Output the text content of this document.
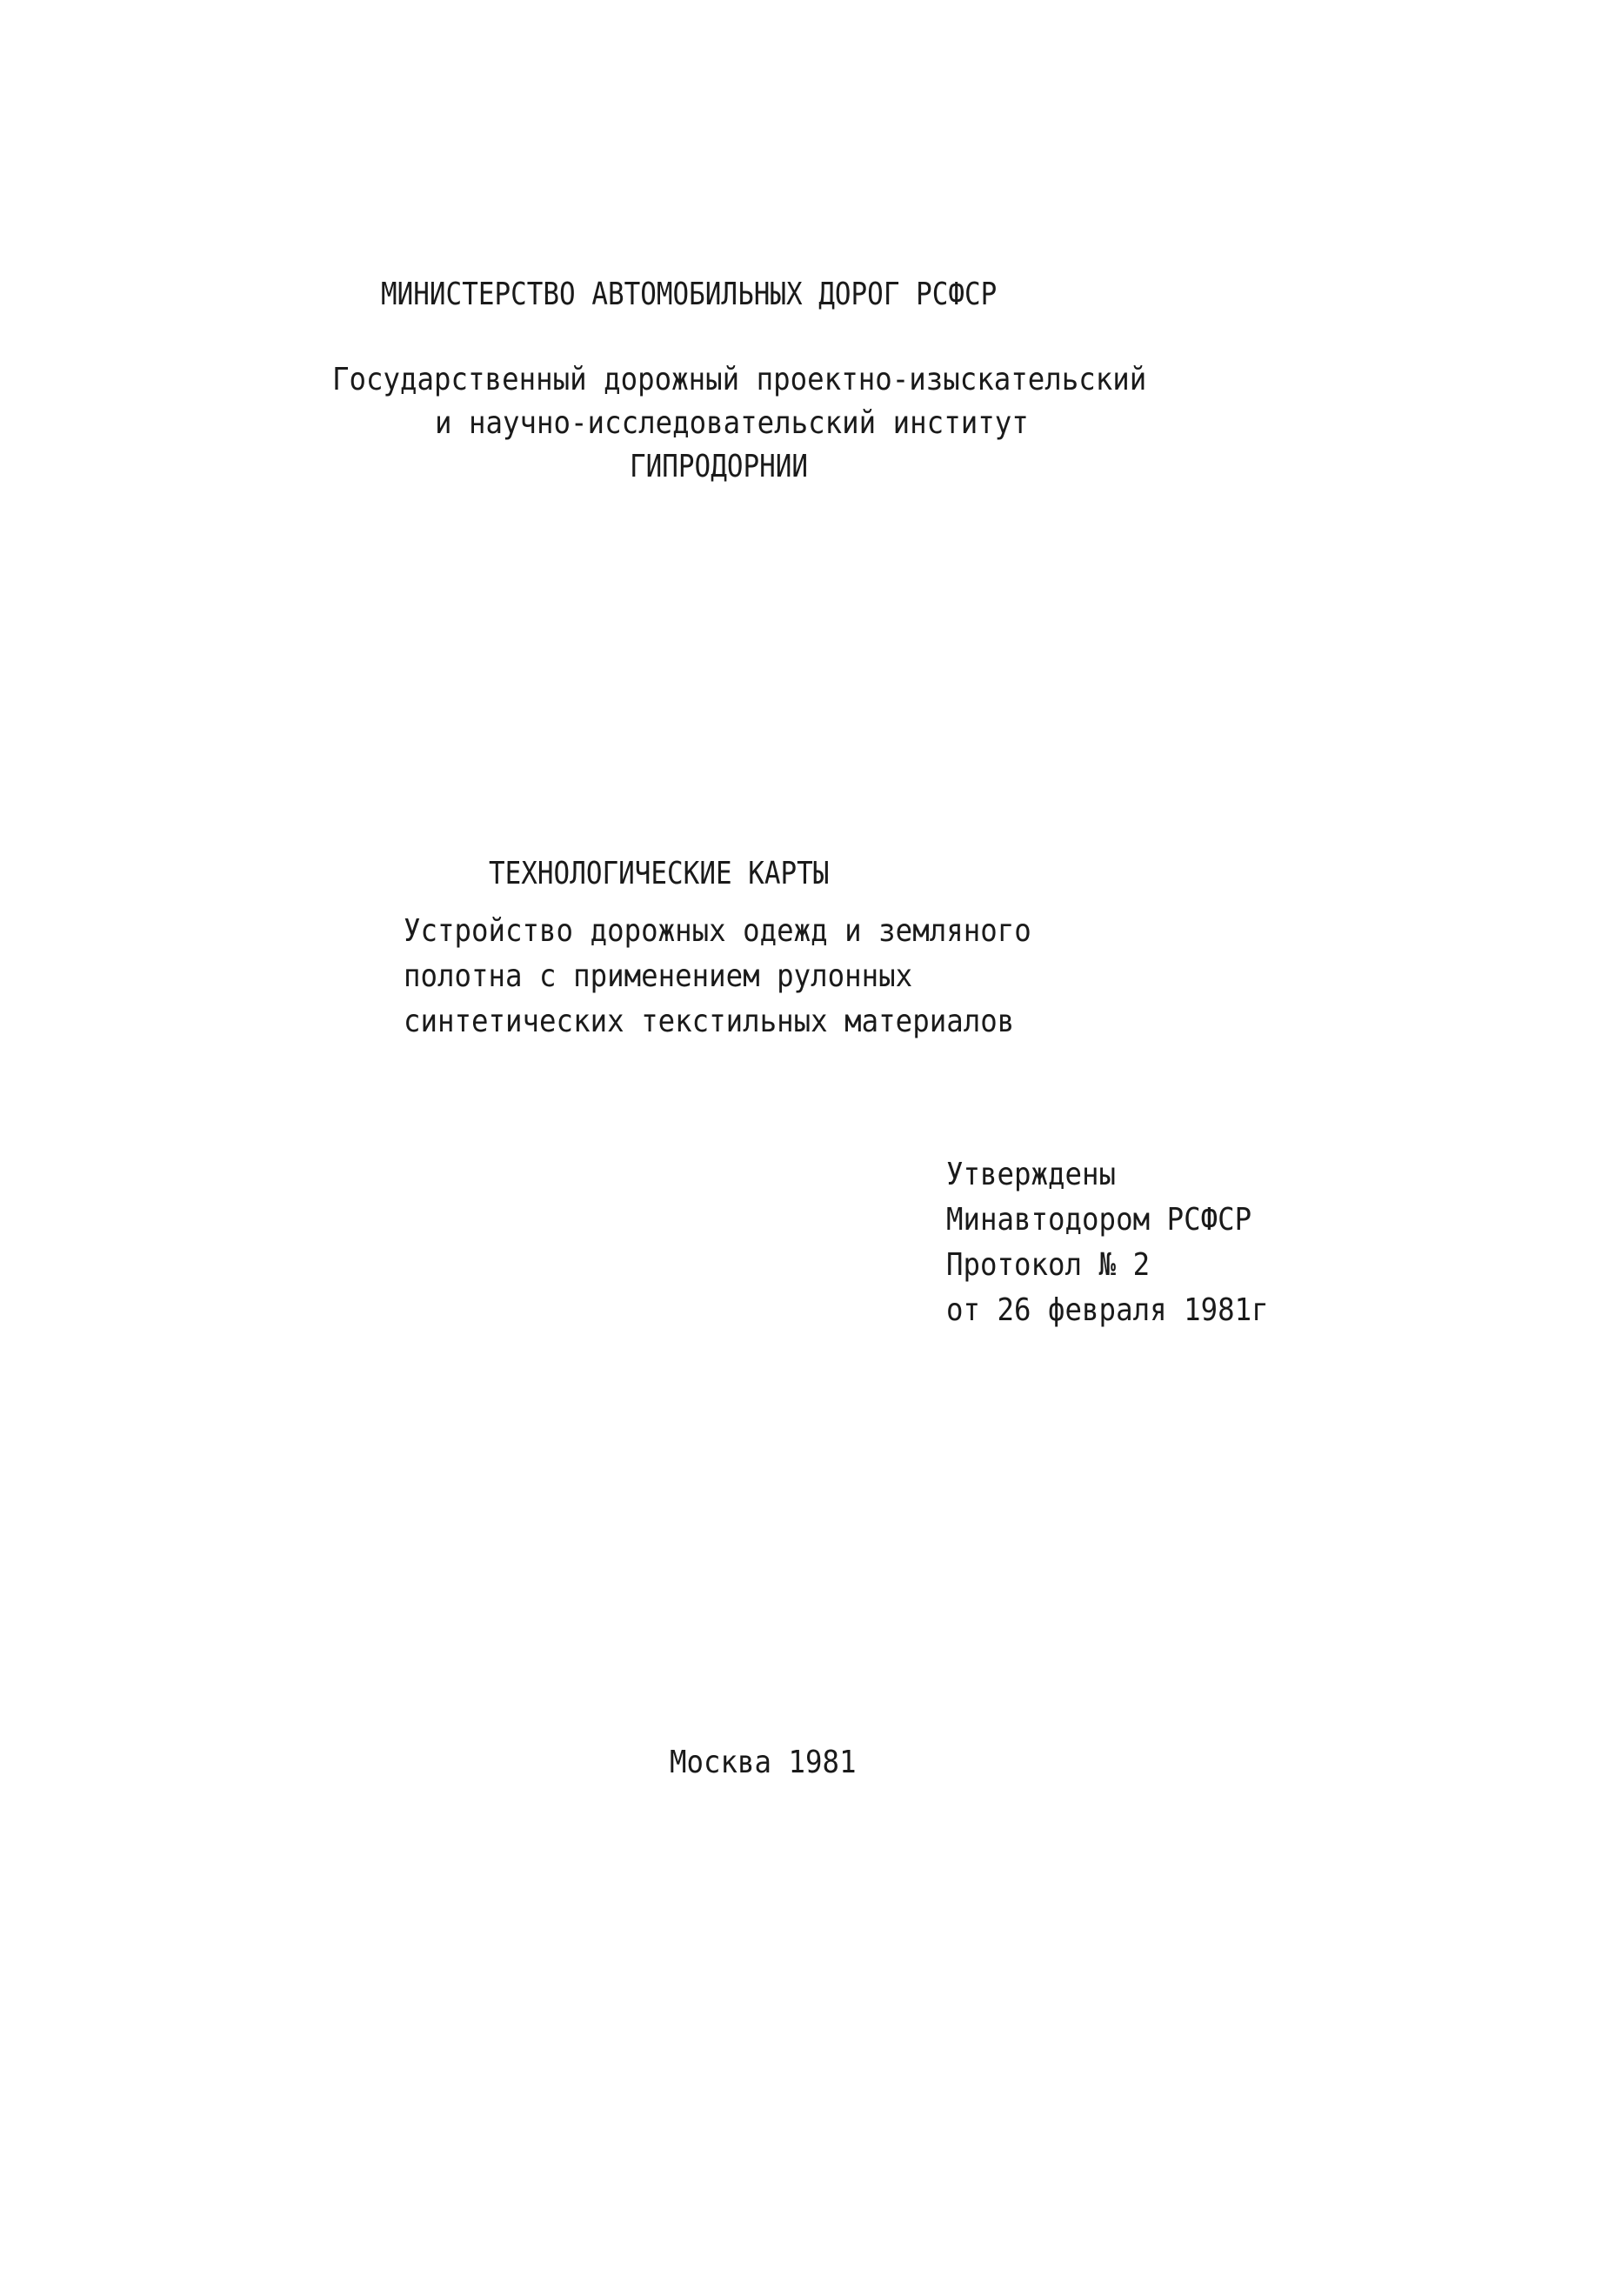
МИНИСТЕРСТВО АВТОМОБИЛЬНЫХ ДОРОГ РСФСР
Государственный дорожный проектно-изыскательский
и научно-исследовательский институт
ГИПРОДОРНИИ
ТЕХНОЛОГИЧЕСКИЕ КАРТЫ
Устройство дорожных одежд и земляного
полотна с применением рулонных
синтетических текстильных материалов
Утверждены
Минавтодором РСФСР
Протокол № 2
от 26 февраля 1981г
Москва 1981
